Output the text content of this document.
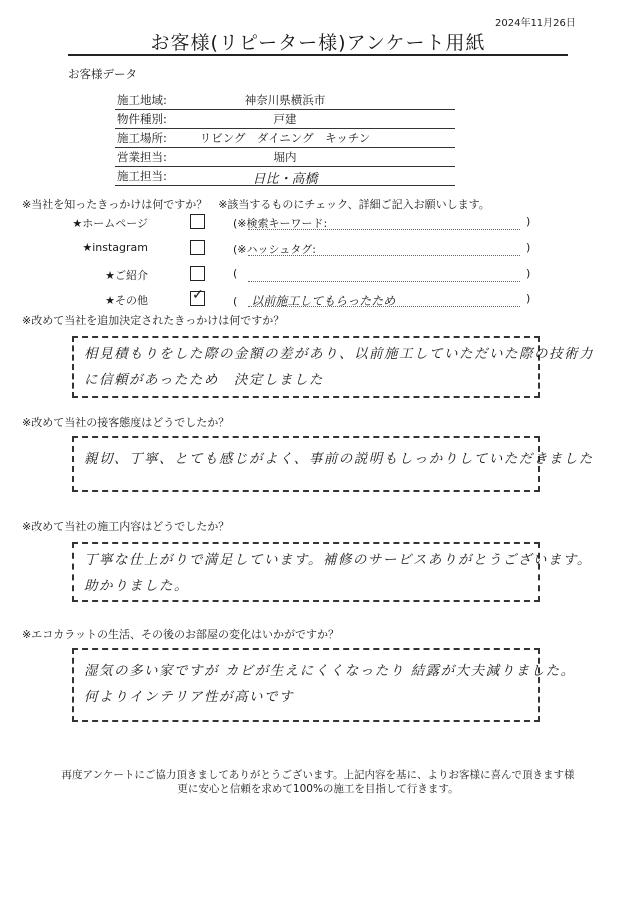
2024年11月26日
お客様(リピーター様)アンケート用紙
お客様データ
施工地域:	神奈川県横浜市
物件種別:	戸建
施工場所:	リビング　ダイニング　キッチン
営業担当:	堀内
施工担当:	日比・高橋
※当社を知ったきっかけは何ですか？　※該当するものにチェック、詳細ご記入お願いします。
★ホームページ	(※検索キーワード:	)
★instagram	(※ハッシュタグ:	)
★ご紹介	(	)
★その他	✓	( 以前施工してもらったため	)
※改めて当社を追加決定されたきっかけは何ですか？
相見積もりをした際の金額の差があり、以前施工していただいた際の技術力
に信頼があったため　決定しました
※改めて当社の接客態度はどうでしたか？
親切、丁寧、とても感じがよく、事前の説明もしっかりしていただきました
※改めて当社の施工内容はどうでしたか？
丁寧な仕上がりで満足しています。補修のサービスありがとうございます。
助かりました。
※エコカラットの生活、その後のお部屋の変化はいかがですか？
湿気の多い家ですが カビが生えにくくなったり 結露が大夫減りました。
何よりインテリア性が高いです
再度アンケートにご協力頂きましてありがとうございます。上記内容を基に、よりお客様に喜んで頂きます様
更に安心と信頼を求めて100%の施工を目指して行きます。
